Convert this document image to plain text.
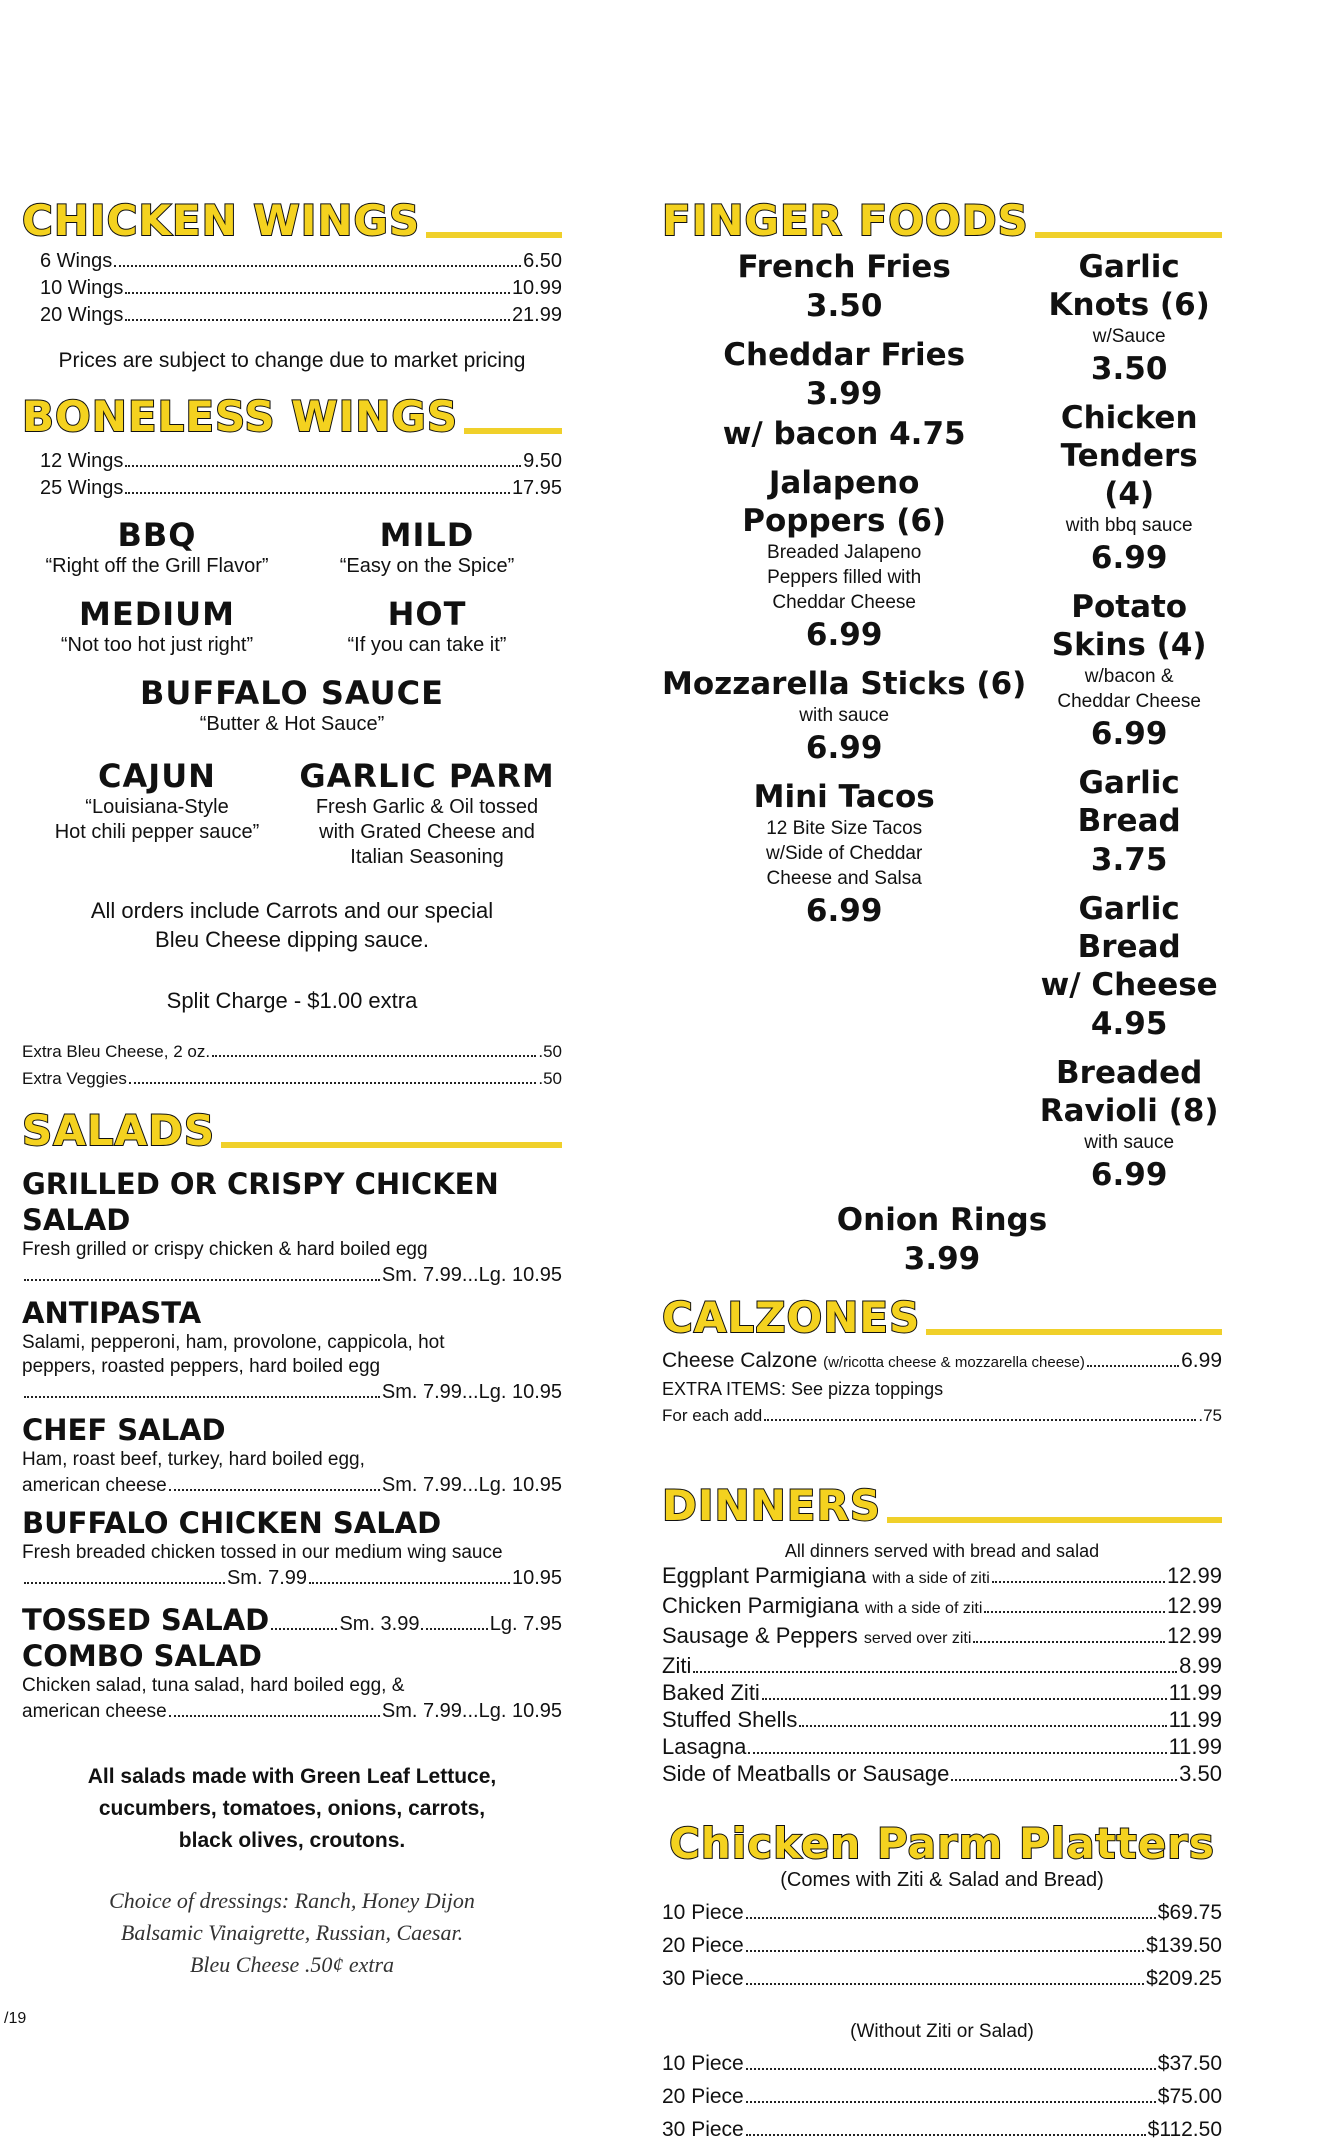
CHICKEN WINGS
6 Wings	6.50
10 Wings	10.99
20 Wings	21.99
Prices are subject to change due to market pricing
BONELESS WINGS
12 Wings	9.50
25 Wings	17.95
BBQ
“Right off the Grill Flavor”
MILD
“Easy on the Spice”
MEDIUM
“Not too hot just right”
HOT
“If you can take it”
BUFFALO SAUCE
“Butter & Hot Sauce”
CAJUN
“Louisiana-Style
Hot chili pepper sauce”
GARLIC PARM
Fresh Garlic & Oil tossed
with Grated Cheese and
Italian Seasoning
All orders include Carrots and our special
Bleu Cheese dipping sauce.
Split Charge - $1.00 extra
Extra Bleu Cheese, 2 oz.	.50
Extra Veggies	.50
SALADS
GRILLED OR CRISPY CHICKEN SALAD
Fresh grilled or crispy chicken & hard boiled egg
Sm. 7.99...Lg. 10.95
ANTIPASTA
Salami, pepperoni, ham, provolone, cappicola, hot
peppers, roasted peppers, hard boiled egg
Sm. 7.99...Lg. 10.95
CHEF SALAD
Ham, roast beef, turkey, hard boiled egg,
american cheese	Sm. 7.99...Lg. 10.95
BUFFALO CHICKEN SALAD
Fresh breaded chicken tossed in our medium wing sauce
Sm. 7.99	10.95
TOSSED SALAD	Sm. 3.99	Lg. 7.95
COMBO SALAD
Chicken salad, tuna salad, hard boiled egg, &
american cheese	Sm. 7.99...Lg. 10.95
All salads made with Green Leaf Lettuce,
cucumbers, tomatoes, onions, carrots,
black olives, croutons.
Choice of dressings: Ranch, Honey Dijon
Balsamic Vinaigrette, Russian, Caesar.
Bleu Cheese .50¢ extra
FINGER FOODS
French Fries
3.50
Cheddar Fries
3.99
w/ bacon 4.75
Jalapeno
Poppers (6)
Breaded Jalapeno
Peppers filled with
Cheddar Cheese
6.99
Mozzarella Sticks (6)
with sauce
6.99
Mini Tacos
12 Bite Size Tacos
w/Side of Cheddar
Cheese and Salsa
6.99
Garlic Knots (6)
w/Sauce
3.50
Chicken Tenders (4)
with bbq sauce
6.99
Potato Skins (4)
w/bacon &
Cheddar Cheese
6.99
Garlic Bread
3.75
Garlic Bread
w/ Cheese
4.95
Breaded Ravioli (8)
with sauce
6.99
Onion Rings
3.99
CALZONES
Cheese Calzone
(w/ricotta cheese & mozzarella cheese)	6.99
EXTRA ITEMS: See pizza toppings
For each add	.75
DINNERS
All dinners served with bread and salad
Eggplant Parmigiana
with a side of ziti	12.99
Chicken Parmigiana
with a side of ziti	12.99
Sausage & Peppers
served over ziti	12.99
Ziti	8.99
Baked Ziti	11.99
Stuffed Shells	11.99
Lasagna	11.99
Side of Meatballs or Sausage	3.50
Chicken Parm Platters
(Comes with Ziti & Salad and Bread)
10 Piece	$69.75
20 Piece	$139.50
30 Piece	$209.25
(Without Ziti or Salad)
10 Piece	$37.50
20 Piece	$75.00
30 Piece	$112.50
/19
